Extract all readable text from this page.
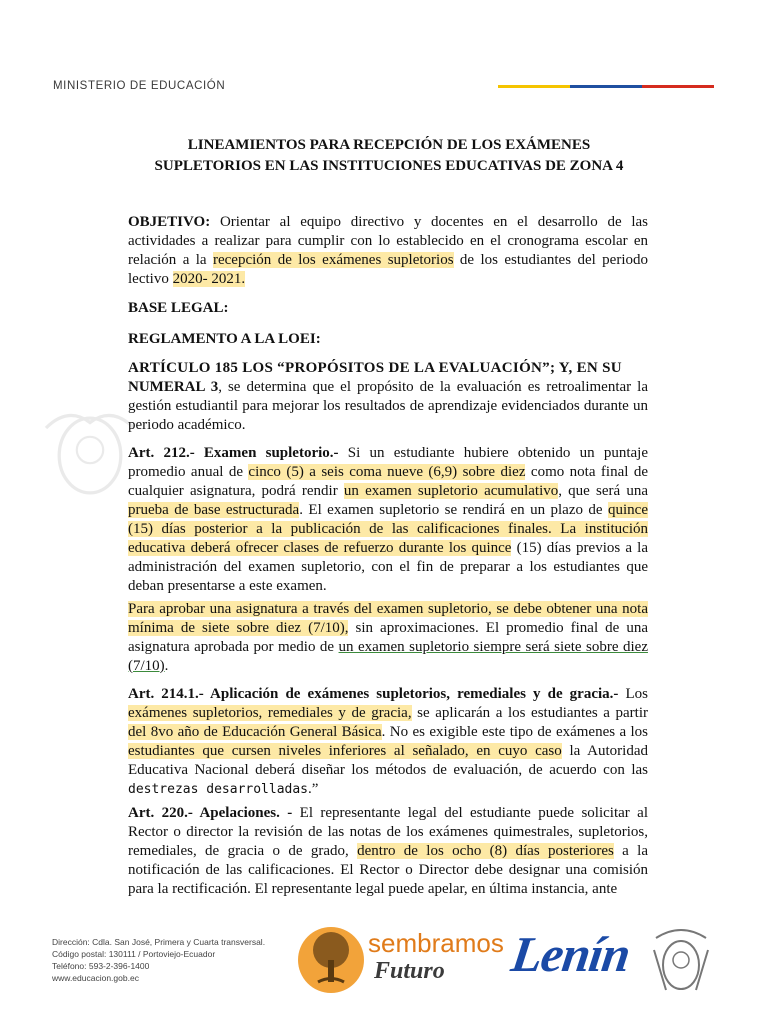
MINISTERIO DE EDUCACIÓN
LINEAMIENTOS PARA RECEPCIÓN DE LOS EXÁMENES
SUPLETORIOS EN LAS INSTITUCIONES EDUCATIVAS DE ZONA 4

OBJETIVO: Orientar al equipo directivo y docentes en el desarrollo de las actividades a realizar para cumplir con lo establecido en el cronograma escolar en relación a la recepción de los exámenes supletorios de los estudiantes del periodo lectivo 2020- 2021.

BASE LEGAL:
REGLAMENTO A LA LOEI:

ARTÍCULO 185 LOS “PROPÓSITOS DE LA EVALUACIÓN”; Y, EN SU
NUMERAL 3, se determina que el propósito de la evaluación es retroalimentar la gestión estudiantil para mejorar los resultados de aprendizaje evidenciados durante un periodo académico.

Art. 212.- Examen supletorio.- Si un estudiante hubiere obtenido un puntaje promedio anual de cinco (5) a seis coma nueve (6,9) sobre diez como nota final de cualquier asignatura, podrá rendir un examen supletorio acumulativo, que será una prueba de base estructurada. El examen supletorio se rendirá en un plazo de quince (15) días posterior a la publicación de las calificaciones finales. La institución educativa deberá ofrecer clases de refuerzo durante los quince (15) días previos a la administración del examen supletorio, con el fin de preparar a los estudiantes que deban presentarse a este examen.

Para aprobar una asignatura a través del examen supletorio, se debe obtener una nota mínima de siete sobre diez (7/10), sin aproximaciones. El promedio final de una asignatura aprobada por medio de un examen supletorio siempre será siete sobre diez (7/10).

Art. 214.1.- Aplicación de exámenes supletorios, remediales y de gracia.- Los exámenes supletorios, remediales y de gracia, se aplicarán a los estudiantes a partir del 8vo año de Educación General Básica. No es exigible este tipo de exámenes a los estudiantes que cursen niveles inferiores al señalado, en cuyo caso la Autoridad Educativa Nacional deberá diseñar los métodos de evaluación, de acuerdo con las destrezas desarrolladas.”

Art. 220.- Apelaciones. - El representante legal del estudiante puede solicitar al Rector o director la revisión de las notas de los exámenes quimestrales, supletorios, remediales, de gracia o de grado, dentro de los ocho (8) días posteriores a la notificación de las calificaciones. El Rector o Director debe designar una comisión para la rectificación. El representante legal puede apelar, en última instancia, ante

Dirección: Cdla. San José, Primera y Cuarta transversal.
Código postal: 130111 / Portoviejo-Ecuador
Teléfono: 593-2-396-1400
www.educacion.gob.ec
sembramos
Futuro Lenín
